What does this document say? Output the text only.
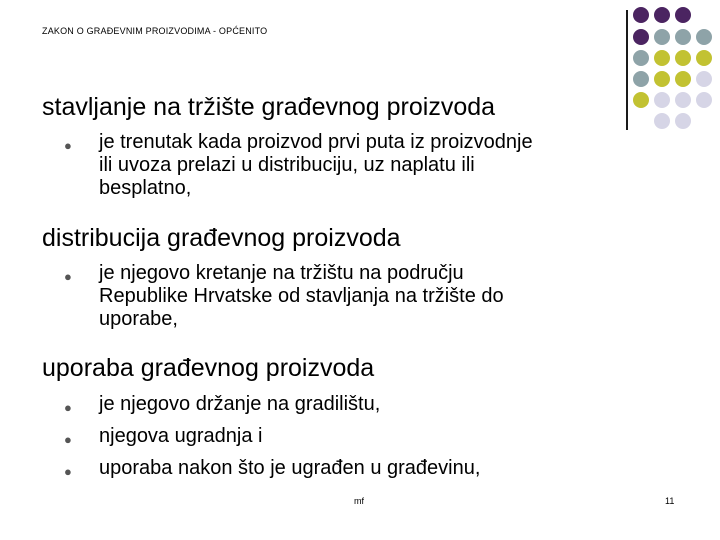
ZAKON O GRAĐEVNIM PROIZVODIMA - OPĆENITO
stavljanje na tržište građevnog proizvoda
● je trenutak kada proizvod prvi puta iz proizvodnje
ili uvoza prelazi u distribuciju, uz naplatu ili
besplatno,
distribucija građevnog proizvoda
● je njegovo kretanje na tržištu na području
Republike Hrvatske od stavljanja na tržište do
uporabe,
uporaba građevnog proizvoda
● je njegovo držanje na gradilištu,
● njegova ugradnja i
● uporaba nakon što je ugrađen u građevinu,
mf	11
